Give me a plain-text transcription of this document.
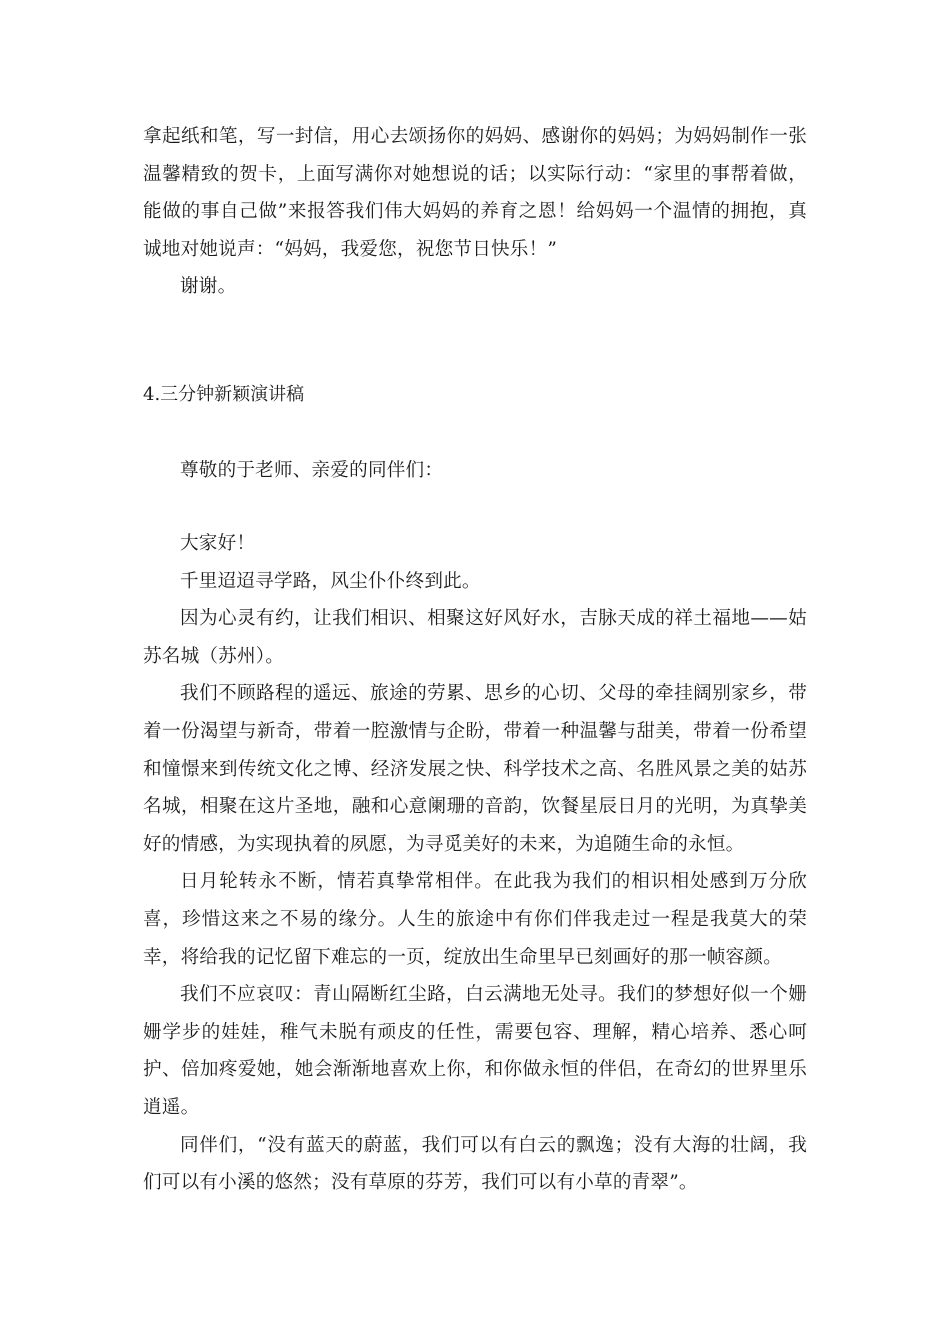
拿起纸和笔，写一封信，用心去颂扬你的妈妈、感谢你的妈妈；为妈妈制作一张温馨精致的贺卡，上面写满你对她想说的话；以实际行动：“家里的事帮着做，能做的事自己做”来报答我们伟大妈妈的养育之恩！给妈妈一个温情的拥抱，真诚地对她说声：“妈妈，我爱您，祝您节日快乐！”

谢谢。

4.三分钟新颖演讲稿

尊敬的于老师、亲爱的同伴们：

大家好！

千里迢迢寻学路，风尘仆仆终到此。

因为心灵有约，让我们相识、相聚这好风好水，吉脉天成的祥土福地——姑苏名城（苏州）。

我们不顾路程的遥远、旅途的劳累、思乡的心切、父母的牵挂阔别家乡，带着一份渴望与新奇，带着一腔激情与企盼，带着一种温馨与甜美，带着一份希望和憧憬来到传统文化之博、经济发展之快、科学技术之高、名胜风景之美的姑苏名城，相聚在这片圣地，融和心意阑珊的音韵，饮餐星辰日月的光明，为真挚美好的情感，为实现执着的夙愿，为寻觅美好的未来，为追随生命的永恒。

日月轮转永不断，情若真挚常相伴。在此我为我们的相识相处感到万分欣喜，珍惜这来之不易的缘分。人生的旅途中有你们伴我走过一程是我莫大的荣幸，将给我的记忆留下难忘的一页，绽放出生命里早已刻画好的那一帧容颜。

我们不应哀叹：青山隔断红尘路，白云满地无处寻。我们的梦想好似一个姗姗学步的娃娃，稚气未脱有顽皮的任性，需要包容、理解，精心培养、悉心呵护、倍加疼爱她，她会渐渐地喜欢上你，和你做永恒的伴侣，在奇幻的世界里乐逍遥。

同伴们，“没有蓝天的蔚蓝，我们可以有白云的飘逸；没有大海的壮阔，我们可以有小溪的悠然；没有草原的芬芳，我们可以有小草的青翠”。
